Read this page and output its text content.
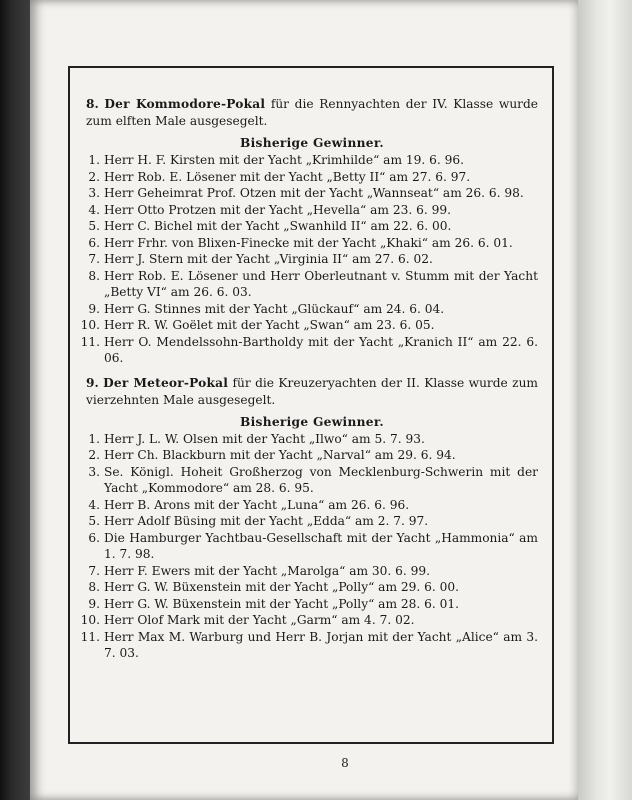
8. Der Kommodore-Pokal für die Rennyachten der IV. Klasse wurde zum elften Male ausgesegelt.

Bisherige Gewinner.
1. Herr H. F. Kirsten mit der Yacht „Krimhilde“ am 19. 6. 96.
2. Herr Rob. E. Lösener mit der Yacht „Betty II“ am 27. 6. 97.
3. Herr Geheimrat Prof. Otzen mit der Yacht „Wannseat“ am 26. 6. 98.
4. Herr Otto Protzen mit der Yacht „Hevella“ am 23. 6. 99.
5. Herr C. Bichel mit der Yacht „Swanhild II“ am 22. 6. 00.
6. Herr Frhr. von Blixen-Finecke mit der Yacht „Khaki“ am 26. 6. 01.
7. Herr J. Stern mit der Yacht „Virginia II“ am 27. 6. 02.
8. Herr Rob. E. Lösener und Herr Oberleutnant v. Stumm mit der Yacht „Betty VI“ am 26. 6. 03.
9. Herr G. Stinnes mit der Yacht „Glückauf“ am 24. 6. 04.
10. Herr R. W. Goëlet mit der Yacht „Swan“ am 23. 6. 05.
11. Herr O. Mendelssohn-Bartholdy mit der Yacht „Kranich II“ am 22. 6. 06.

9. Der Meteor-Pokal für die Kreuzeryachten der II. Klasse wurde zum vierzehnten Male ausgesegelt.

Bisherige Gewinner.
1. Herr J. L. W. Olsen mit der Yacht „Ilwo“ am 5. 7. 93.
2. Herr Ch. Blackburn mit der Yacht „Narval“ am 29. 6. 94.
3. Se. Königl. Hoheit Großherzog von Mecklenburg-Schwerin mit der Yacht „Kommodore“ am 28. 6. 95.
4. Herr B. Arons mit der Yacht „Luna“ am 26. 6. 96.
5. Herr Adolf Büsing mit der Yacht „Edda“ am 2. 7. 97.
6. Die Hamburger Yachtbau-Gesellschaft mit der Yacht „Hammonia“ am 1. 7. 98.
7. Herr F. Ewers mit der Yacht „Marolga“ am 30. 6. 99.
8. Herr G. W. Büxenstein mit der Yacht „Polly“ am 29. 6. 00.
9. Herr G. W. Büxenstein mit der Yacht „Polly“ am 28. 6. 01.
10. Herr Olof Mark mit der Yacht „Garm“ am 4. 7. 02.
11. Herr Max M. Warburg und Herr B. Jorjan mit der Yacht „Alice“ am 3. 7. 03.
8
